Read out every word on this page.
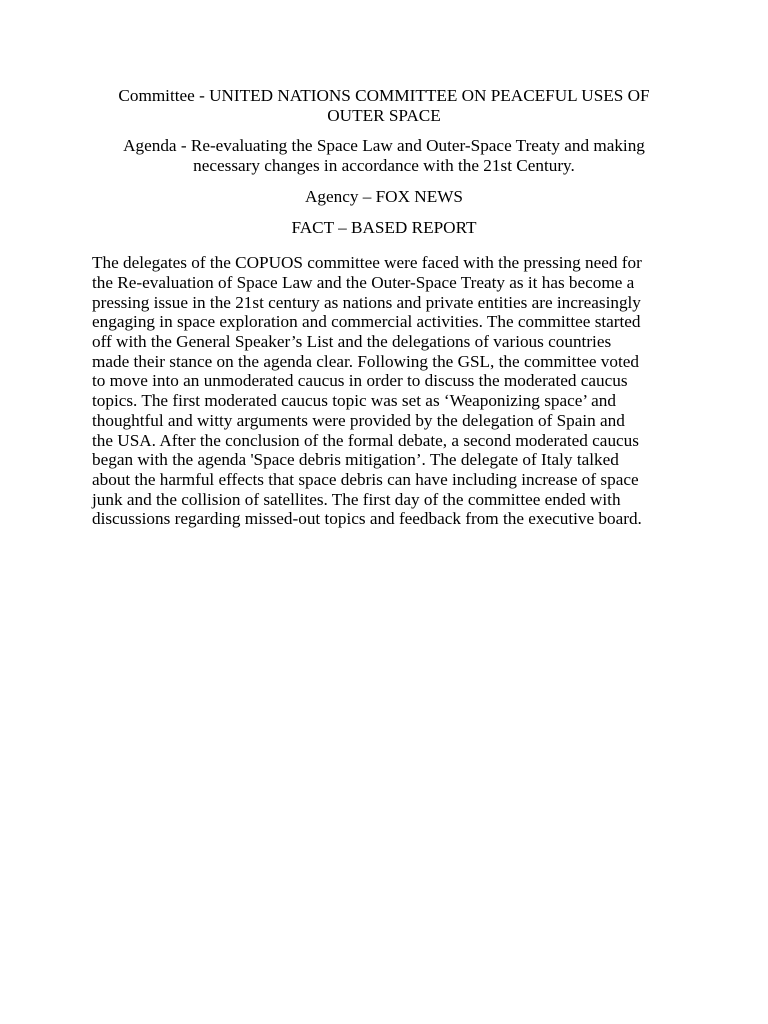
Committee - UNITED NATIONS COMMITTEE ON PEACEFUL USES OF OUTER SPACE

Agenda - Re-evaluating the Space Law and Outer-Space Treaty and making necessary changes in accordance with the 21st Century.

Agency – FOX NEWS

FACT – BASED REPORT

The delegates of the COPUOS committee were faced with the pressing need for
the Re-evaluation of Space Law and the Outer-Space Treaty as it has become a
pressing issue in the 21st century as nations and private entities are increasingly
engaging in space exploration and commercial activities. The committee started
off with the General Speaker’s List and the delegations of various countries
made their stance on the agenda clear. Following the GSL, the committee voted
to move into an unmoderated caucus in order to discuss the moderated caucus
topics. The first moderated caucus topic was set as ‘Weaponizing space’ and
thoughtful and witty arguments were provided by the delegation of Spain and
the USA. After the conclusion of the formal debate, a second moderated caucus
began with the agenda 'Space debris mitigation’. The delegate of Italy talked
about the harmful effects that space debris can have including increase of space
junk and the collision of satellites. The first day of the committee ended with
discussions regarding missed-out topics and feedback from the executive board.
